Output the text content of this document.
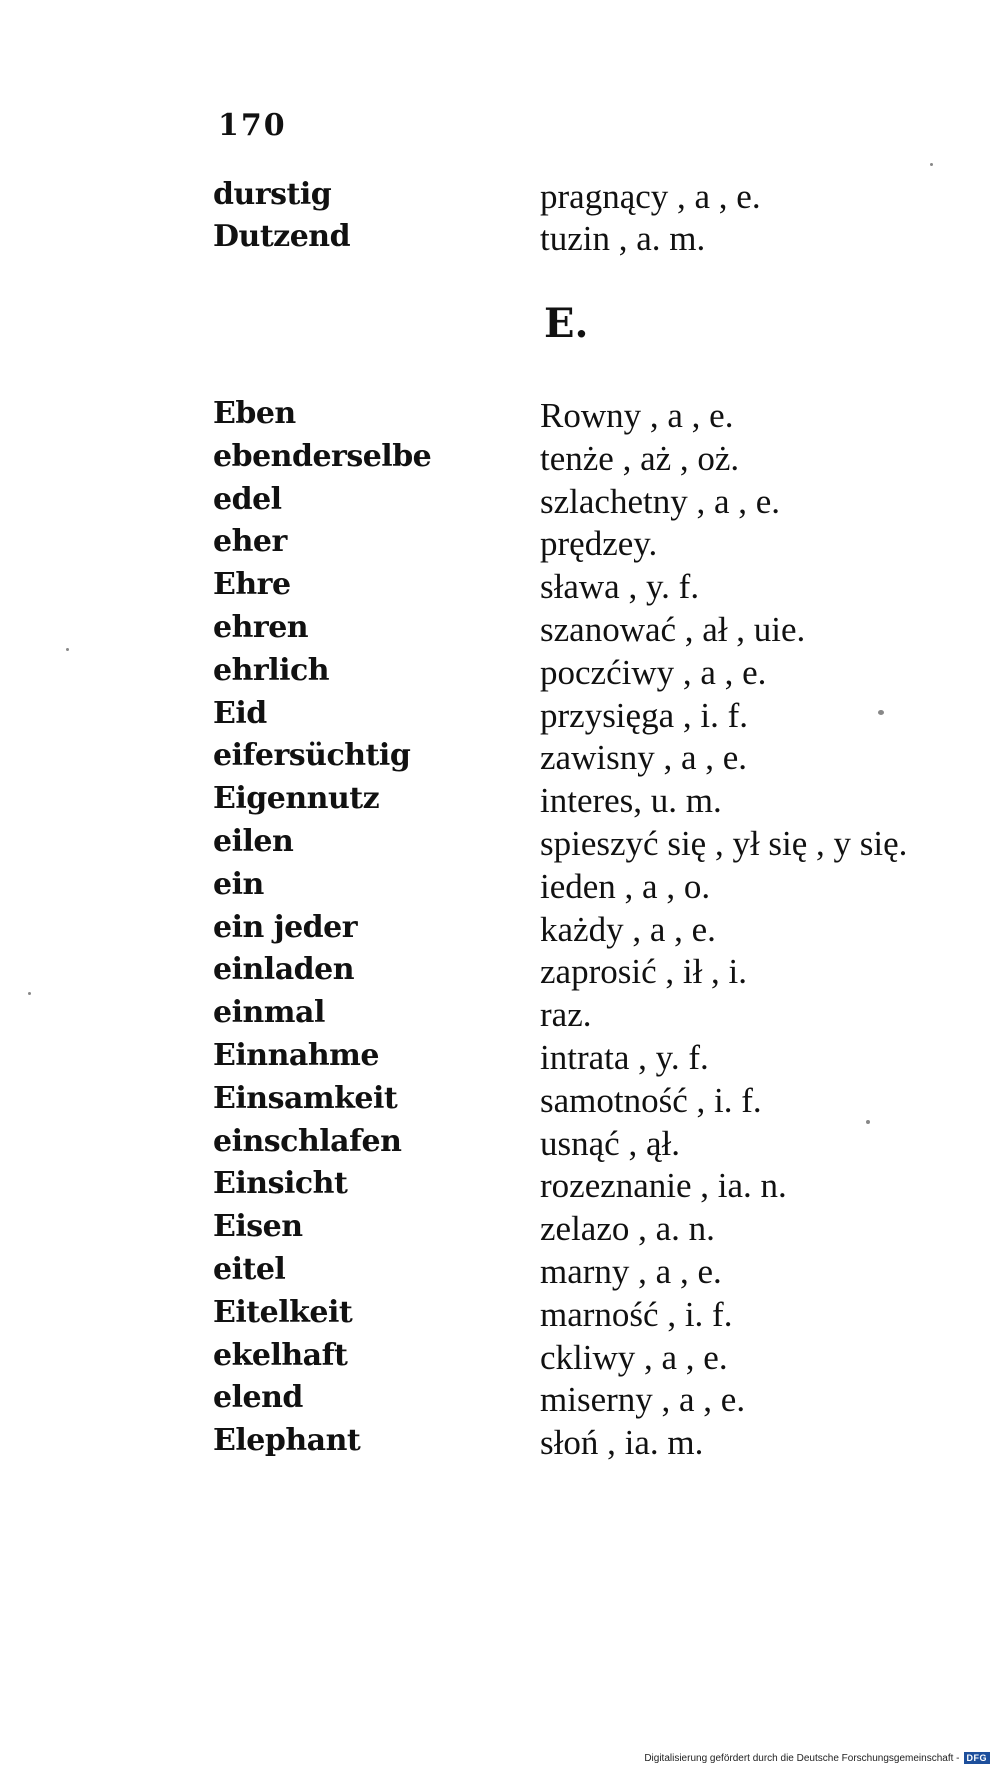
170
durstig	pragnący , a , e.
Dutzend	tuzin , a. m.
E.
Eben	Rowny , a , e.
ebenderselbe	tenże , aż , oż.
edel	szlachetny , a , e.
eher	prędzey.
Ehre	sława , y. f.
ehren	szanować , ał , uie.
ehrlich	poczćiwy , a , e.
Eid	przysięga , i. f.
eifersüchtig	zawisny , a , e.
Eigennutz	interes, u. m.
eilen	spieszyć się , ył się , y się.
ein	ieden , a , o.
ein jeder	każdy , a , e.
einladen	zaprosić , ił , i.
einmal	raz.
Einnahme	intrata , y. f.
Einsamkeit	samotność , i. f.
einschlafen	usnąć , ął.
Einsicht	rozeznanie , ia. n.
Eisen	zelazo , a. n.
eitel	marny , a , e.
Eitelkeit	marność , i. f.
ekelhaft	ckliwy , a , e.
elend	miserny , a , e.
Elephant	słoń , ia. m.
Digitalisierung gefördert durch die Deutsche Forschungsgemeinschaft - DFG
